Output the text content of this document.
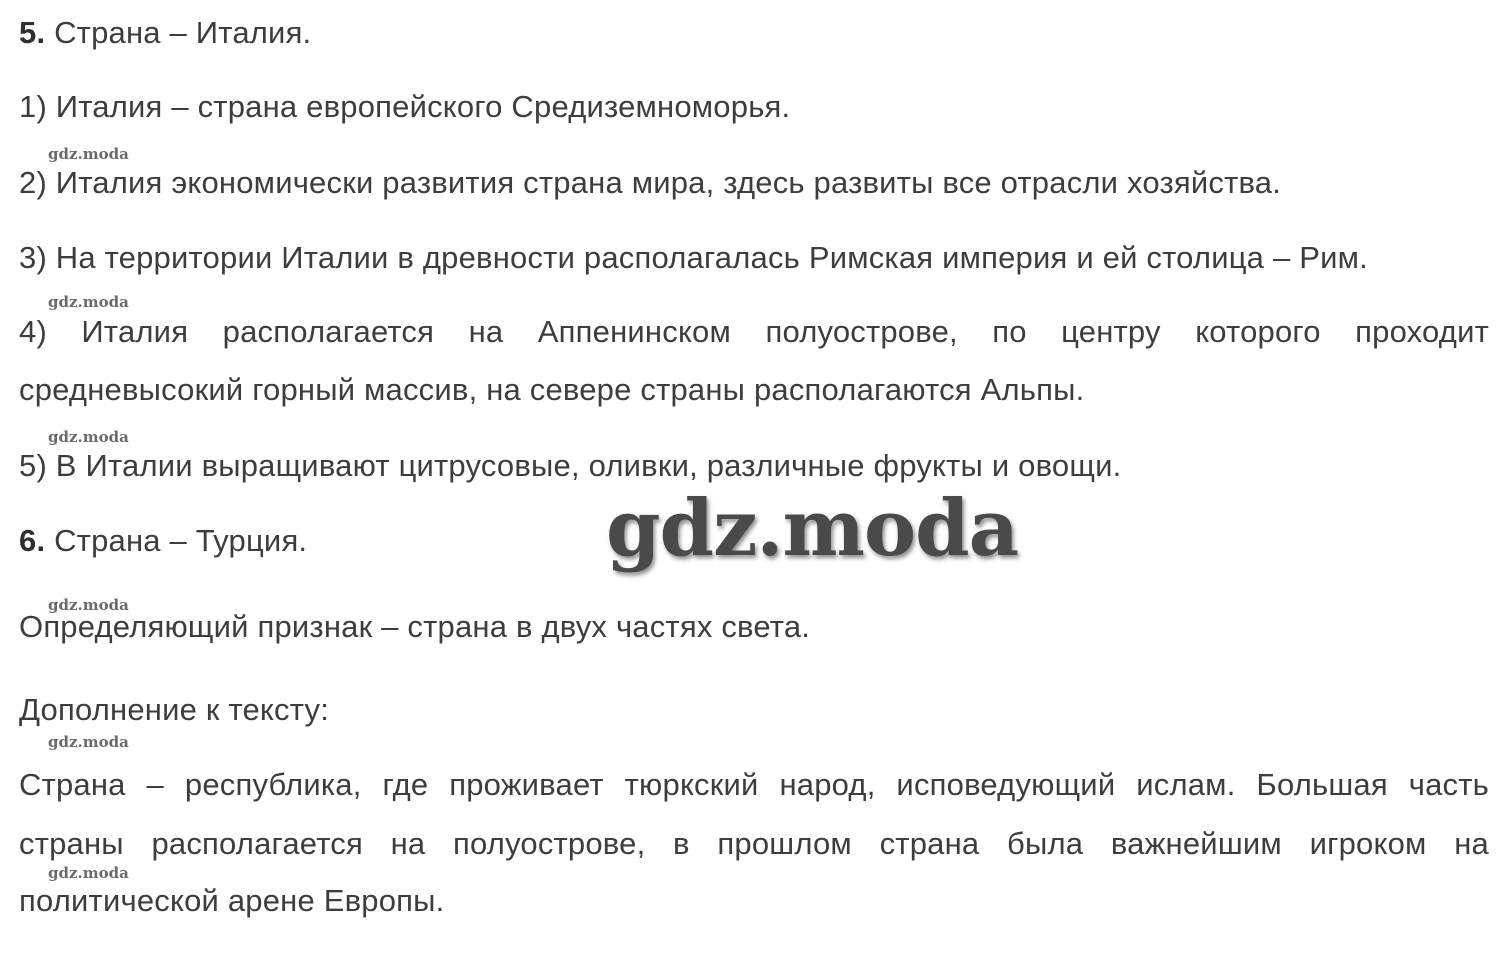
5. Страна – Италия.
1) Италия – страна европейского Средиземноморья.
gdz.moda
2) Италия экономически развития страна мира, здесь развиты все отрасли хозяйства.
3) На территории Италии в древности располагалась Римская империя и ей столица – Рим.
gdz.moda
4) Италия располагается на Аппенинском полуострове, по центру которого проходит
средневысокий горный массив, на севере страны располагаются Альпы.
gdz.moda
5) В Италии выращивают цитрусовые, оливки, различные фрукты и овощи.
6. Страна – Турция.
gdz.moda
Определяющий признак – страна в двух частях света.
Дополнение к тексту:
gdz.moda
Страна – республика, где проживает тюркский народ, исповедующий ислам. Большая часть
страны располагается на полуострове, в прошлом страна была важнейшим игроком на
gdz.moda
политической арене Европы.
gdz.moda
